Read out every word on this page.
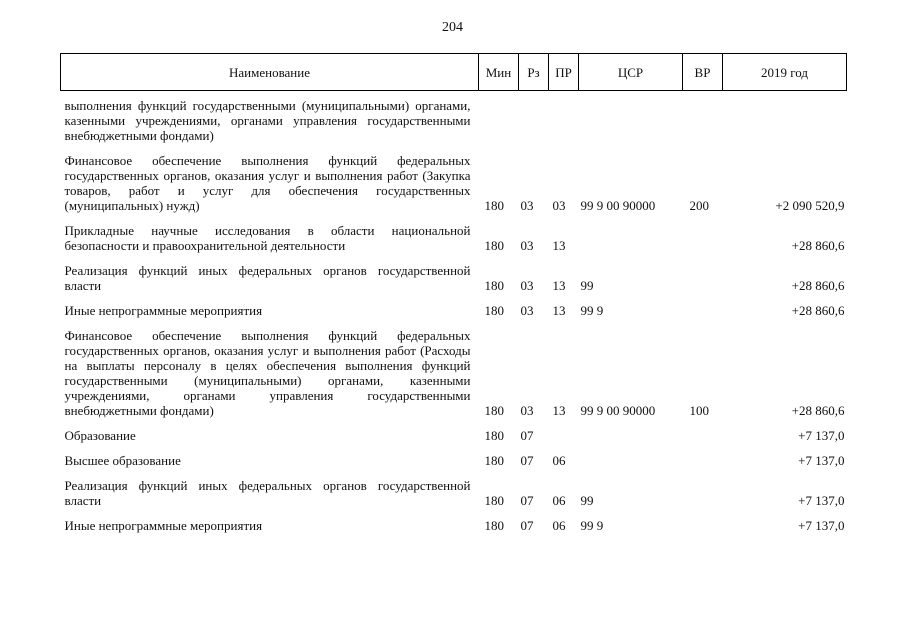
204
Наименование	Мин	Рз	ПР	ЦСР	ВР	2019 год
выполнения функций государственными (муниципальными) органами, казенными учреждениями, органами управления государственными внебюджетными фондами)						
Финансовое обеспечение выполнения функций федеральных государственных органов, оказания услуг и выполнения работ (Закупка товаров, работ и услуг для обеспечения государственных (муниципальных) нужд)	180	03	03	99 9 00 90000	200	+2 090 520,9
Прикладные научные исследования в области национальной безопасности и правоохранительной деятельности	180	03	13			+28 860,6
Реализация функций иных федеральных органов государственной власти	180	03	13	99		+28 860,6
Иные непрограммные мероприятия	180	03	13	99 9		+28 860,6
Финансовое обеспечение выполнения функций федеральных государственных органов, оказания услуг и выполнения работ (Расходы на выплаты персоналу в целях обеспечения выполнения функций государственными (муниципальными) органами, казенными учреждениями, органами управления государственными внебюджетными фондами)	180	03	13	99 9 00 90000	100	+28 860,6
Образование	180	07				+7 137,0
Высшее образование	180	07	06			+7 137,0
Реализация функций иных федеральных органов государственной власти	180	07	06	99		+7 137,0
Иные непрограммные мероприятия	180	07	06	99 9		+7 137,0
